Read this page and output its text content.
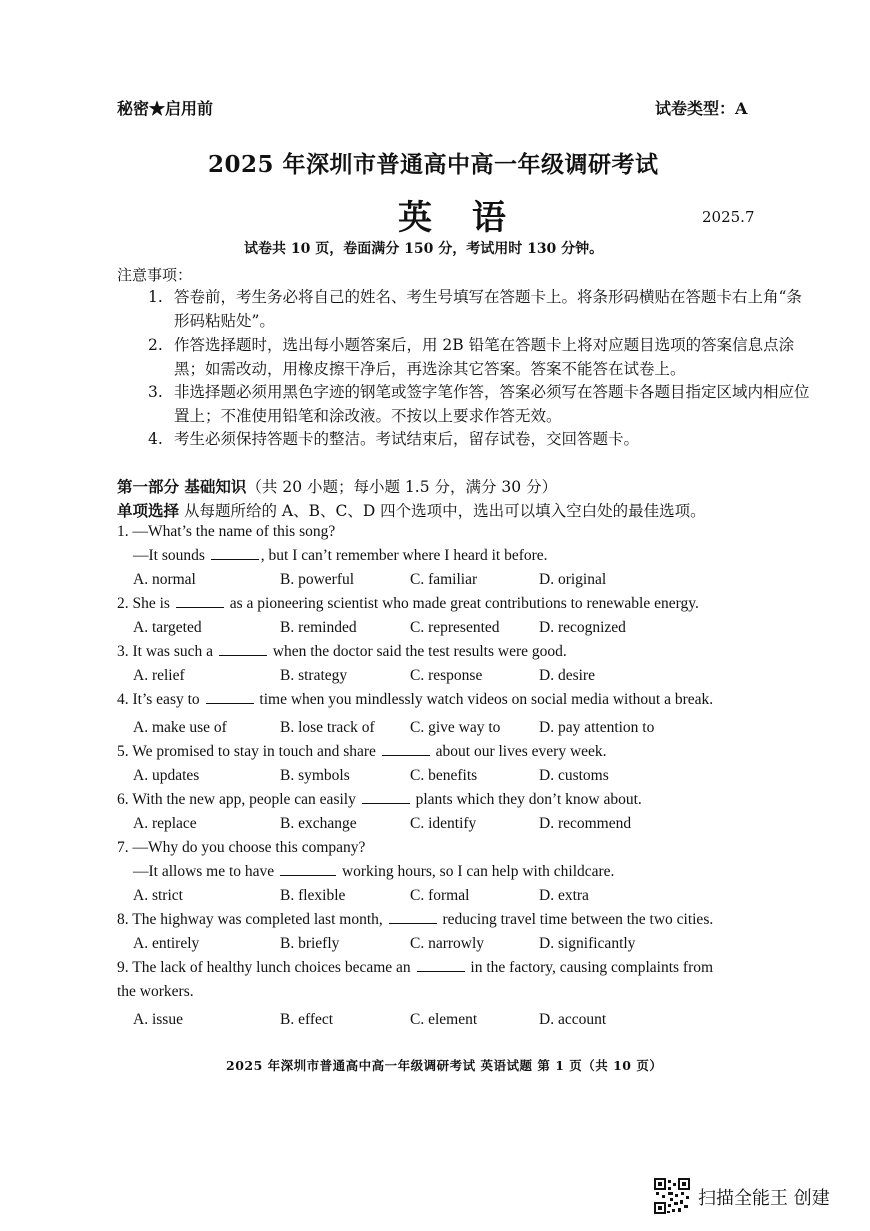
秘密★启用前	试卷类型：A
2025 年深圳市普通高中高一年级调研考试
英 语	2025.7
试卷共 10 页，卷面满分 150 分，考试用时 130 分钟。
注意事项：
1. 答卷前，考生务必将自己的姓名、考生号填写在答题卡上。将条形码横贴在答题卡右上角“条形码粘贴处”。
2. 作答选择题时，选出每小题答案后，用 2B 铅笔在答题卡上将对应题目选项的答案信息点涂黑；如需改动，用橡皮擦干净后，再选涂其它答案。答案不能答在试卷上。
3. 非选择题必须用黑色字迹的钢笔或签字笔作答，答案必须写在答题卡各题目指定区域内相应位置上；不准使用铅笔和涂改液。不按以上要求作答无效。
4. 考生必须保持答题卡的整洁。考试结束后，留存试卷，交回答题卡。
第一部分 基础知识（共 20 小题；每小题 1.5 分，满分 30 分）
单项选择 从每题所给的 A、B、C、D 四个选项中，选出可以填入空白处的最佳选项。
1. —What’s the name of this song?
—It sounds	, but I can’t remember where I heard it before.
A. normal	B. powerful	C. familiar	D. original
2. She is	as a pioneering scientist who made great contributions to renewable energy.
A. targeted	B. reminded	C. represented	D. recognized
3. It was such a	when the doctor said the test results were good.
A. relief	B. strategy	C. response	D. desire
4. It’s easy to	time when you mindlessly watch videos on social media without a break.
A. make use of	B. lose track of C. give way to D. pay attention to
5. We promised to stay in touch and share	about our lives every week.
A. updates	B. symbols	C. benefits	D. customs
6. With the new app, people can easily	plants which they don’t know about.
A. replace	B. exchange	C. identify	D. recommend
7. —Why do you choose this company?
—It allows me to have	working hours, so I can help with childcare.
A. strict	B. flexible	C. formal	D. extra
8. The highway was completed last month,	reducing travel time between the two cities.
A. entirely	B. briefly	C. narrowly	D. significantly
9. The lack of healthy lunch choices became an	in the factory, causing complaints from
the workers.
A. issue	B. effect	C. element	D. account
2025 年深圳市普通高中高一年级调研考试 英语试题 第 1 页（共 10 页）
扫描全能王 创建
